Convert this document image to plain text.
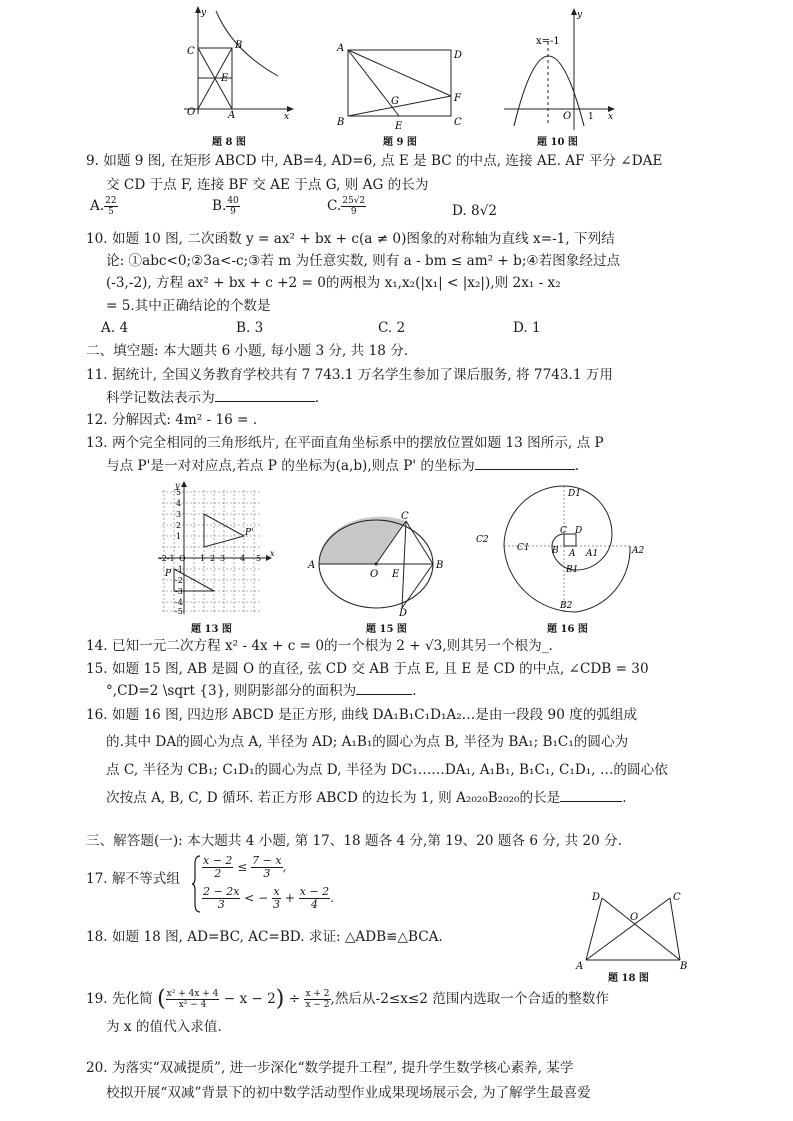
C
B
E
O	A
y
x
题 8 图
A
D
G	F
B	E	C
题 9 图
x=-1
y
O 1 x
题 10 图
9. 如题 9 图, 在矩形 ABCD 中, AB=4, AD=6, 点 E 是 BC 的中点, 连接 AE. AF 平分 ∠DAE
交 CD 于点 F, 连接 BF 交 AE 于点 G, 则 AG 的长为
A. $\frac{22}{5}$	B. $\frac{40}{9}$	C. $\frac{25√2}{9}$	D. 8√2
10. 如题 10 图, 二次函数 y = ax² + bx + c(a ≠ 0)图象的对称轴为直线 x=-1, 下列结
论: ①abc<0;②3a<-c;③若 m 为任意实数, 则有 a - bm ≤ am² + b;④若图象经过点
(-3,-2), 方程 ax² + bx + c +2 = 0的两根为 x₁,x₂(|x₁| < |x₂|),则 2x₁ - x₂
= 5.其中正确结论的个数是
A. 4	B. 3	C. 2	D. 1
二、填空题: 本大题共 6 小题, 每小题 3 分, 共 18 分.
11. 据统计, 全国义务教育学校共有 7 743.1 万名学生参加了课后服务, 将 7743.1 万用
科学记数法表示为	.
12. 分解因式: 4m² - 16 = .
13. 两个完全相同的三角形纸片, 在平面直角坐标系中的摆放位置如题 13 图所示, 点 P
与点 P'是一对对应点,若点 P 的坐标为(a,b),则点 P' 的坐标为	.
P'
P
y
x
5
4
3
2
1
-2-1 O 1 2 3 4 5
-1
-2
-3
-4
-5
题 13 图
C
A
O E
B
D
题 15 图
D1
C2
C D
C1 B A A1	A2
B1
B2
题 16 图
14. 已知一元二次方程 x² - 4x + c = 0的一个根为 2 + √3,则其另一个根为_.
15. 如题 15 图, AB 是圆 O 的直径, 弦 CD 交 AB 于点 E, 且 E 是 CD 的中点, ∠CDB = 30
°,CD=2 \sqrt {3}, 则阴影部分的面积为	.
16. 如题 16 图, 四边形 ABCD 是正方形, 曲线 DA₁B₁C₁D₁A₂…是由一段段 90 度的弧组成
的.其中 DA的圆心为点 A, 半径为 AD; A₁B₁的圆心为点 B, 半径为 BA₁; B₁C₁的圆心为
点 C, 半径为 CB₁; C₁D₁的圆心为点 D, 半径为 DC₁……DA₁, A₁B₁, B₁C₁, C₁D₁, …的圆心依
次按点 A, B, C, D 循环. 若正方形 ABCD 的边长为 1, 则 A₂₀₂₀B₂₀₂₀的长是	.
三、解答题(一): 本大题共 4 小题, 第 17、18 题各 4 分,第 19、20 题各 6 分, 共 20 分.
17. 解不等式组 $\frac{x - 2}{2} \le \frac{7 - x}{3}$ ,
$\frac{2 - 2x}{3}$ < − $\frac{x}{3} + \frac{x - 2}{4}$ .	D	C
O
A	B
题 18 图
18. 如题 18 图, AD=BC, AC=BD. 求证: △ADB≌△BCA.
19. 先化简 ( $\frac{\text{x² + 4x + 4}}{\text{x² − 4}} - x - 2) \div \frac{x + 2}{x - 2}$ ,然后从-2≤x≤2 范围内选取一个合适的整数作
为 x 的值代入求值.
20. 为落实“双减提质”, 进一步深化“数学提升工程”, 提升学生数学核心素养, 某学
校拟开展“双减”背景下的初中数学活动型作业成果现场展示会, 为了解学生最喜爱
